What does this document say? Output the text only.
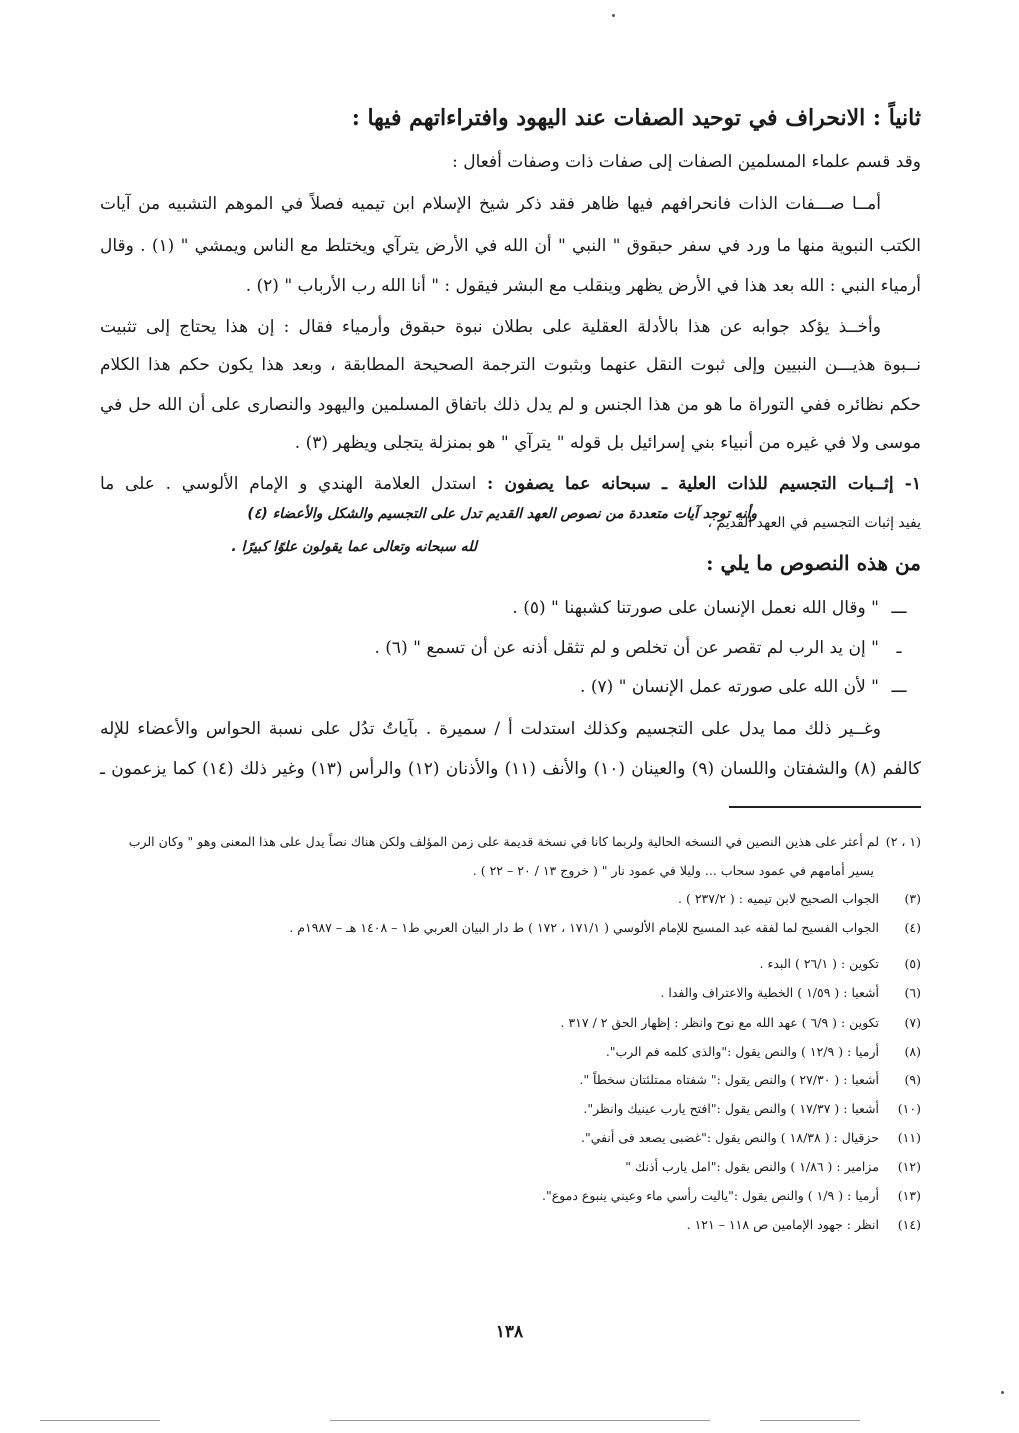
ثانياً : الانحراف في توحيد الصفات عند اليهود وافتراءاتهم فيها :
وقد قسم علماء المسلمين الصفات إلى صفات ذات وصفات أفعال :
أمــا صـــفات الذات فانحرافهم فيها ظاهر فقد ذكر شيخ الإسلام ابن تيميه فصلاً في الموهم التشبيه من آيات
الكتب النبوية منها ما ورد في سفر حبقوق " النبي " أن الله في الأرض يترآي ويختلط مع الناس ويمشي " (١) . وقال
أرمياء النبي : الله بعد هذا في الأرض يظهر وينقلب مع البشر فيقول : " أنا الله رب الأرباب " (٢) .
وأخــذ يؤكد جوابه عن هذا بالأدلة العقلية على بطلان نبوة حبقوق وأرمياء فقال : إن هذا يحتاج إلى تثبيت
نــبوة هذيـــن النبيين وإلى ثبوت النقل عنهما وبثبوت الترجمة الصحيحة المطابقة ، وبعد هذا يكون حكم هذا الكلام
حكم نظائره ففي التوراة ما هو من هذا الجنس و لم يدل ذلك باتفاق المسلمين واليهود والنصارى على أن الله حل في
موسى ولا في غيره من أنبياء بني إسرائيل بل قوله " يترآي " هو بمنزلة يتجلى ويظهر (٣) .
١- إثــبات التجسيم للذات العلية ـ سبحانه عما يصفون : استدل العلامة الهندي و الإمام الألوسي . على ما
يفيد إثبات التجسيم في العهد القديم ،
وأنه توجد آيات متعددة من نصوص العهد القديم تدل على التجسيم والشكل والأعضاء (٤)
لله سبحانه وتعالى عما يقولون علوًا كبيرًا .
من هذه النصوص ما يلي :
ـــ" وقال الله نعمل الإنسان على صورتنا كشبهنا " (٥) .
ـ" إن يد الرب لم تقصر عن أن تخلص و لم تثقل أذنه عن أن تسمع " (٦) .
ـــ" لأن الله على صورته عمل الإنسان " (٧) .
وغــير ذلك مما يدل على التجسيم وكذلك استدلت أ / سميرة . بآياتُ تدُل على نسبة الحواس والأعضاء للإله
كالفم (٨) والشفتان واللسان (٩) والعينان (١٠) والأنف (١١) والأذنان (١٢) والرأس (١٣) وغير ذلك (١٤) كما يزعمون ـ
(١ ، ٢) لم أعثر على هذين النصين في النسخه الحالية ولربما كانا في نسخة قديمة على زمن المؤلف ولكن هناك نصاً يدل على هذا المعنى وهو " وكان الرب
يسير أمامهم في عمود سحاب ... وليلا في عمود نار " ( خروج ١٣ / ٢٠ – ٢٢ ) .
(٣) الجواب الصحيح لابن تيميه : ( ٢٣٧/٢ ) .
(٤) الجواب الفسيح لما لفقه عبد المسيح للإمام الألوسي ( ١٧١/١ ، ١٧٢ ) ط دار البيان العربي ط١ – ١٤٠٨ هـ – ١٩٨٧م .
(٥) تكوين : ( ٢٦/١ ) البدء .
(٦) أشعيا : ( ١/٥٩ ) الخطية والاعتراف والفدا .
(٧) تكوين : ( ٦/٩ ) عهد الله مع نوح وانظر : إظهار الحق ٢ / ٣١٧ .
(٨) أرميا : ( ١٢/٩ ) والنص يقول :"والذى كلمه فم الرب".
(٩) أشعيا : ( ٢٧/٣٠ ) والنص يقول :" شفتاه ممتلئتان سخطاً ".
(١٠) أشعيا : ( ١٧/٣٧ ) والنص يقول :"افتح يارب عينيك وانظر".
(١١) حزقيال : ( ١٨/٣٨ ) والنص يقول :"غضبى يصعد فى أنفي".
(١٢) مزامير : ( ١/٨٦ ) والنص يقول :"امل يارب أذنك "
(١٣) أرميا : ( ١/٩ ) والنص يقول :"ياليت رأسي ماء وعيني ينبوع دموع".
(١٤) انظر : جهود الإمامين ص ١١٨ – ١٢١ .
١٣٨
